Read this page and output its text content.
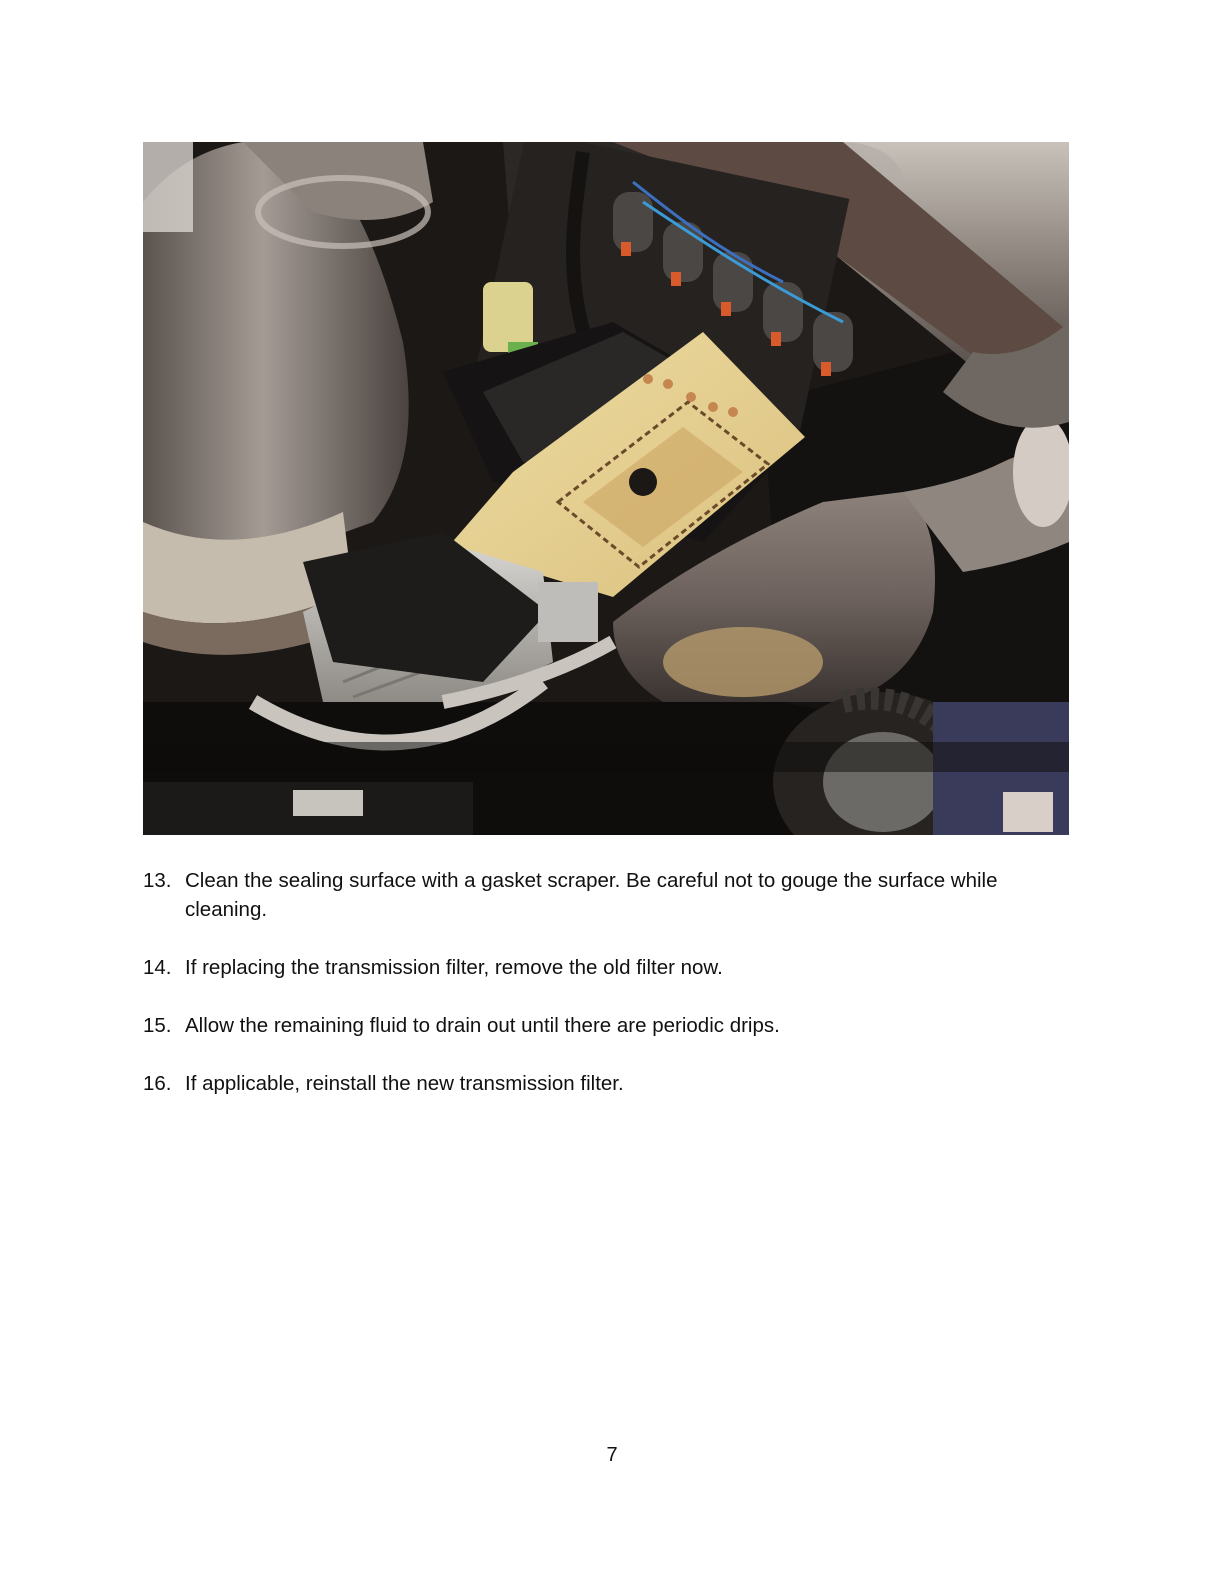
13. Clean the sealing surface with a gasket scraper. Be careful not to gouge the surface while cleaning.
14. If replacing the transmission filter, remove the old filter now.
15. Allow the remaining fluid to drain out until there are periodic drips.
16. If applicable, reinstall the new transmission filter.
7
